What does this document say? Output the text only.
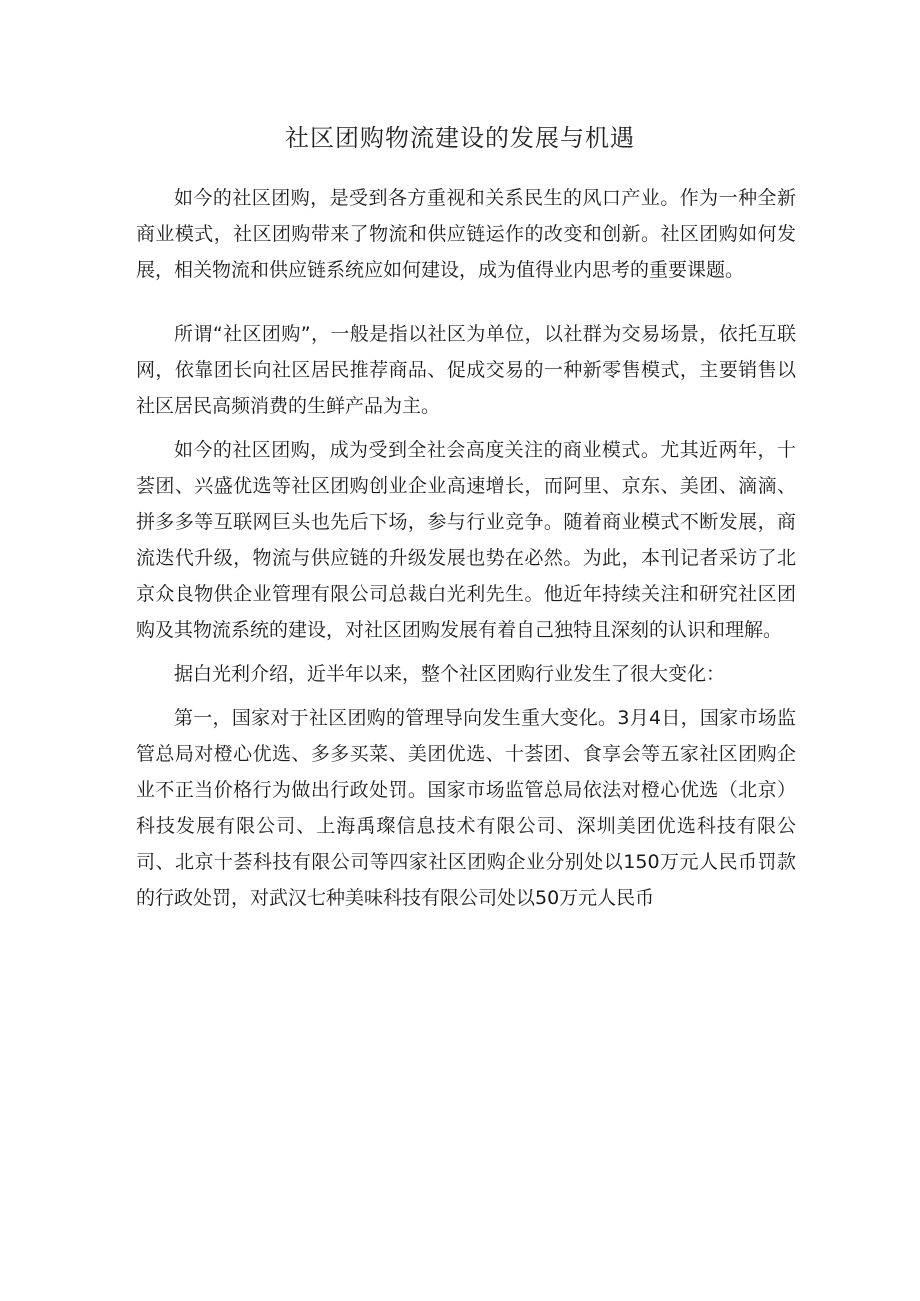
社区团购物流建设的发展与机遇

如今的社区团购，是受到各方重视和关系民生的风口产业。作为一种全新商业模式，社区团购带来了物流和供应链运作的改变和创新。社区团购如何发展，相关物流和供应链系统应如何建设，成为值得业内思考的重要课题。

所谓“社区团购”，一般是指以社区为单位，以社群为交易场景，依托互联网，依靠团长向社区居民推荐商品、促成交易的一种新零售模式，主要销售以社区居民高频消费的生鲜产品为主。

如今的社区团购，成为受到全社会高度关注的商业模式。尤其近两年，十荟团、兴盛优选等社区团购创业企业高速增长，而阿里、京东、美团、滴滴、拼多多等互联网巨头也先后下场，参与行业竞争。随着商业模式不断发展，商流迭代升级，物流与供应链的升级发展也势在必然。为此，本刊记者采访了北京众良物供企业管理有限公司总裁白光利先生。他近年持续关注和研究社区团购及其物流系统的建设，对社区团购发展有着自己独特且深刻的认识和理解。

据白光利介绍，近半年以来，整个社区团购行业发生了很大变化：

第一，国家对于社区团购的管理导向发生重大变化。3月4日，国家市场监管总局对橙心优选、多多买菜、美团优选、十荟团、食享会等五家社区团购企业不正当价格行为做出行政处罚。国家市场监管总局依法对橙心优选（北京）科技发展有限公司、上海禹璨信息技术有限公司、深圳美团优选科技有限公司、北京十荟科技有限公司等四家社区团购企业分别处以150万元人民币罚款的行政处罚，对武汉七种美味科技有限公司处以50万元人民币
